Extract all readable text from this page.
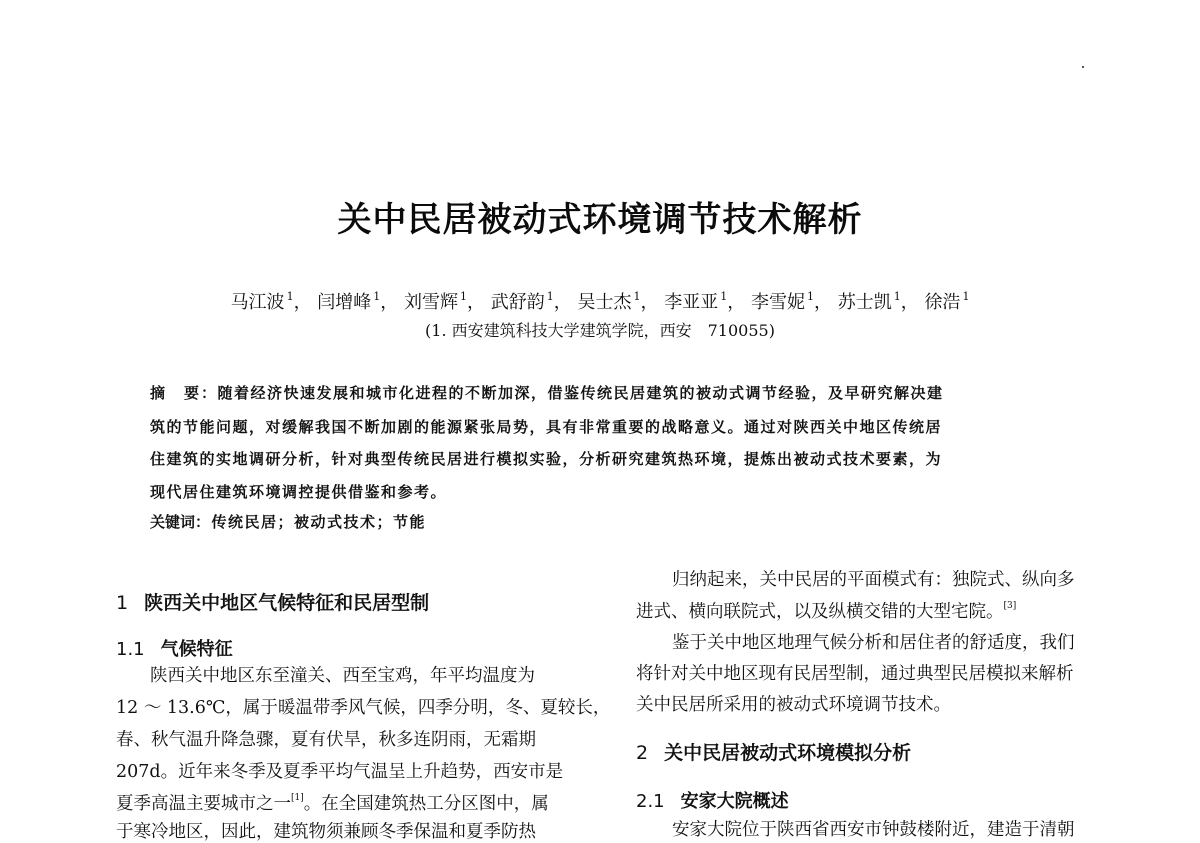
关中民居被动式环境调节技术解析
马江波 $^1$， 闫增峰 $^1$， 刘雪辉 $^1$， 武舒韵 $^1$， 吴士杰 $^1$， 李亚亚 $^1$， 李雪妮 $^1$， 苏士凯 $^1$， 徐浩 $^1$
(1. 西安建筑科技大学建筑学院，西安　710055)
摘　要：随着经济快速发展和城市化进程的不断加深，借鉴传统民居建筑的被动式调节经验，及早研究解决建
筑的节能问题，对缓解我国不断加剧的能源紧张局势，具有非常重要的战略意义。通过对陕西关中地区传统居
住建筑的实地调研分析，针对典型传统民居进行模拟实验，分析研究建筑热环境，提炼出被动式技术要素，为
现代居住建筑环境调控提供借鉴和参考。
关键词：传统民居；被动式技术；节能
1 陕西关中地区气候特征和民居型制
1.1 气候特征
陕西关中地区东至潼关、西至宝鸡，年平均温度为
12 ～ 13.6℃，属于暖温带季风气候，四季分明，冬、夏较长，
春、秋气温升降急骤，夏有伏旱，秋多连阴雨，无霜期
207d。近年来冬季及夏季平均气温呈上升趋势，西安市是
夏季高温主要城市之一[1]。在全国建筑热工分区图中，属
于寒冷地区，因此，建筑物须兼顾冬季保温和夏季防热
归纳起来，关中民居的平面模式有：独院式、纵向多
进式、横向联院式，以及纵横交错的大型宅院。[3]
鉴于关中地区地理气候分析和居住者的舒适度，我们
将针对关中地区现有民居型制，通过典型民居模拟来解析
关中民居所采用的被动式环境调节技术。
2 关中民居被动式环境模拟分析
2.1 安家大院概述
安家大院位于陕西省西安市钟鼓楼附近，建造于清朝
